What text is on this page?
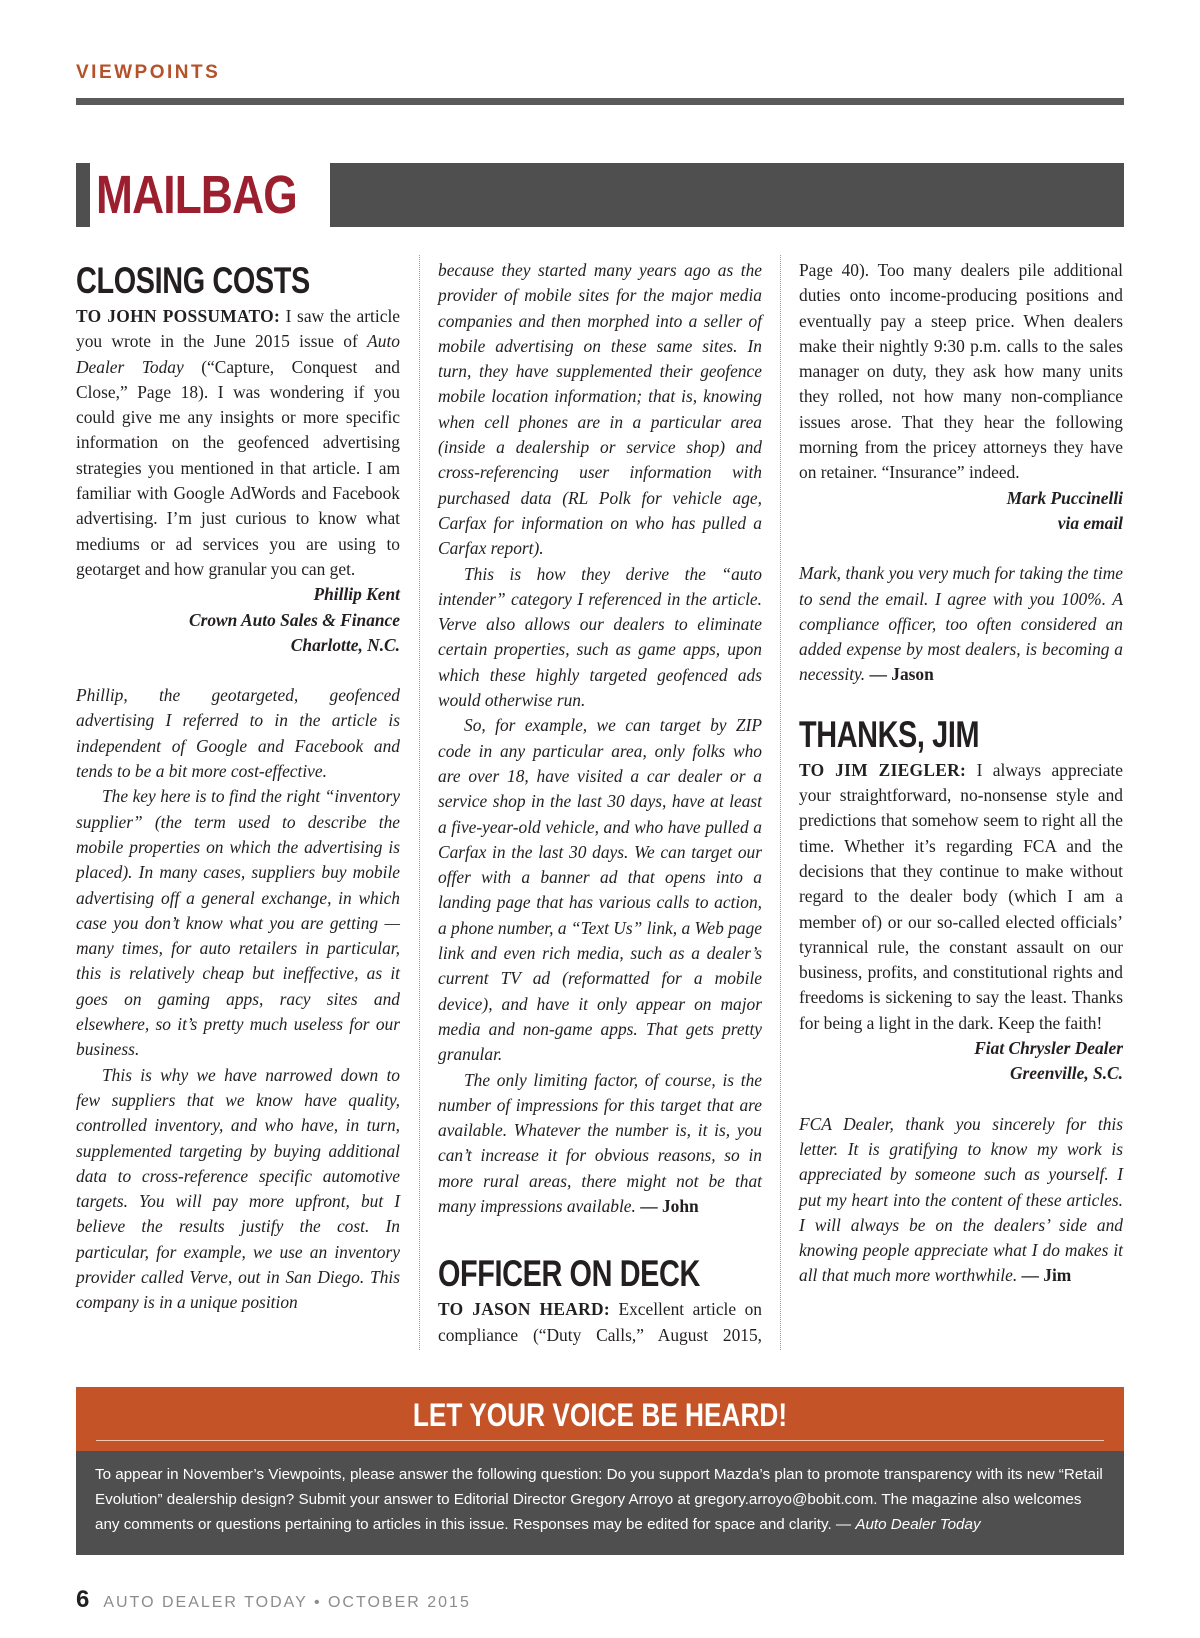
VIEWPOINTS
MAILBAG
CLOSING COSTS

TO JOHN POSSUMATO: I saw the article you wrote in the June 2015 issue of Auto Dealer Today (“Capture, Conquest and Close,” Page 18). I was wondering if you could give me any insights or more specific information on the geofenced advertising strategies you mentioned in that article. I am familiar with Google AdWords and Facebook advertising. I’m just curious to know what mediums or ad services you are using to geotarget and how granular you can get.

Phillip Kent

Crown Auto Sales & Finance

Charlotte, N.C.

Phillip, the geotargeted, geofenced advertising I referred to in the article is independent of Google and Facebook and tends to be a bit more cost-effective.

The key here is to find the right “inventory supplier” (the term used to describe the mobile properties on which the advertising is placed). In many cases, suppliers buy mobile advertising off a general exchange, in which case you don’t know what you are getting — many times, for auto retailers in particular, this is relatively cheap but ineffective, as it goes on gaming apps, racy sites and elsewhere, so it’s pretty much useless for our business.

This is why we have narrowed down to few suppliers that we know have quality, controlled inventory, and who have, in turn, supplemented targeting by buying additional data to cross-reference specific automotive targets. You will pay more upfront, but I believe the results justify the cost. In particular, for example, we use an inventory provider called Verve, out in San Diego. This company is in a unique position

because they started many years ago as the provider of mobile sites for the major media companies and then morphed into a seller of mobile advertising on these same sites. In turn, they have supplemented their geofence mobile location information; that is, knowing when cell phones are in a particular area (inside a dealership or service shop) and cross-referencing user information with purchased data (RL Polk for vehicle age, Carfax for information on who has pulled a Carfax report).

This is how they derive the “auto intender” category I referenced in the article. Verve also allows our dealers to eliminate certain properties, such as game apps, upon which these highly targeted geofenced ads would otherwise run.

So, for example, we can target by ZIP code in any particular area, only folks who are over 18, have visited a car dealer or a service shop in the last 30 days, have at least a five-year-old vehicle, and who have pulled a Carfax in the last 30 days. We can target our offer with a banner ad that opens into a landing page that has various calls to action, a phone number, a “Text Us” link, a Web page link and even rich media, such as a dealer’s current TV ad (reformatted for a mobile device), and have it only appear on major media and non-game apps. That gets pretty granular.

The only limiting factor, of course, is the number of impressions for this target that are available. Whatever the number is, it is, you can’t increase it for obvious reasons, so in more rural areas, there might not be that many impressions available. — John

OFFICER ON DECK

TO JASON HEARD: Excellent article on compliance (“Duty Calls,” August 2015,

Page 40). Too many dealers pile additional duties onto income-producing positions and eventually pay a steep price. When dealers make their nightly 9:30 p.m. calls to the sales manager on duty, they ask how many units they rolled, not how many non-compliance issues arose. That they hear the following morning from the pricey attorneys they have on retainer. “Insurance” indeed.

Mark Puccinelli

via email

Mark, thank you very much for taking the time to send the email. I agree with you 100%. A compliance officer, too often considered an added expense by most dealers, is becoming a necessity. — Jason

THANKS, JIM

TO JIM ZIEGLER: I always appreciate your straightforward, no-nonsense style and predictions that somehow seem to right all the time. Whether it’s regarding FCA and the decisions that they continue to make without regard to the dealer body (which I am a member of) or our so-called elected officials’ tyrannical rule, the constant assault on our business, profits, and constitutional rights and freedoms is sickening to say the least. Thanks for being a light in the dark. Keep the faith!

Fiat Chrysler Dealer

Greenville, S.C.

FCA Dealer, thank you sincerely for this letter. It is gratifying to know my work is appreciated by someone such as yourself. I put my heart into the content of these articles. I will always be on the dealers’ side and knowing people appreciate what I do makes it all that much more worthwhile. — Jim

LET YOUR VOICE BE HEARD!
To appear in November’s Viewpoints, please answer the following question: Do you support Mazda’s plan to promote transparency with its new “Retail Evolution” dealership design? Submit your answer to Editorial Director Gregory Arroyo at gregory.arroyo@bobit.com. The magazine also welcomes any comments or questions pertaining to articles in this issue. Responses may be edited for space and clarity. — Auto Dealer Today
6 AUTO DEALER TODAY • OCTOBER 2015
